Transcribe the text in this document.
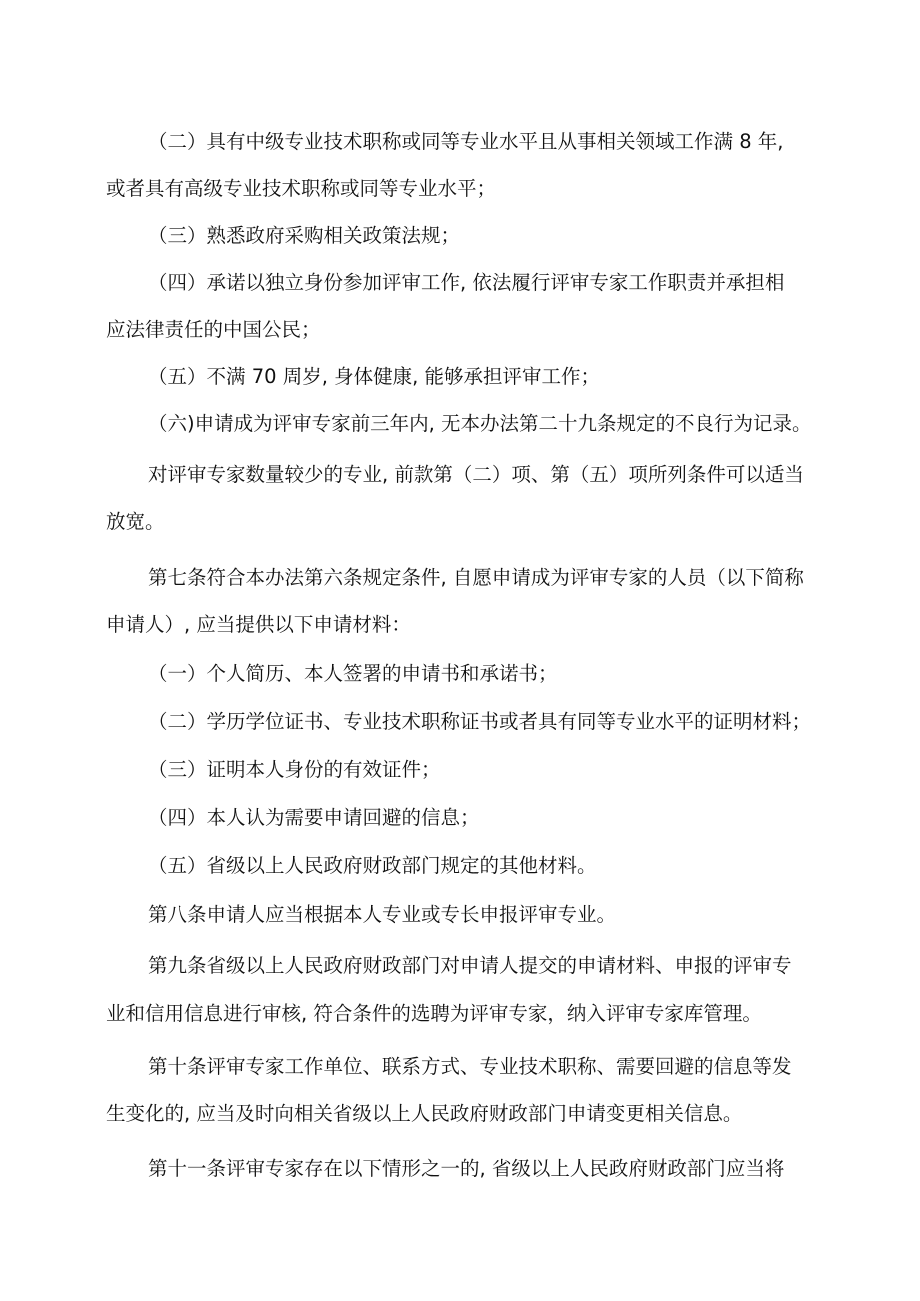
（二）具有中级专业技术职称或同等专业水平且从事相关领域工作满 8 年,
或者具有高级专业技术职称或同等专业水平；
（三）熟悉政府采购相关政策法规；
（四）承诺以独立身份参加评审工作, 依法履行评审专家工作职责并承担相
应法律责任的中国公民；
（五）不满 70 周岁, 身体健康, 能够承担评审工作；
（六)申请成为评审专家前三年内, 无本办法第二十九条规定的不良行为记录。
对评审专家数量较少的专业, 前款第（二）项、第（五）项所列条件可以适当
放宽。
第七条符合本办法第六条规定条件, 自愿申请成为评审专家的人员（以下简称
申请人）, 应当提供以下申请材料：
（一）个人简历、本人签署的申请书和承诺书；
（二）学历学位证书、专业技术职称证书或者具有同等专业水平的证明材料；
（三）证明本人身份的有效证件；
（四）本人认为需要申请回避的信息；
（五）省级以上人民政府财政部门规定的其他材料。
第八条申请人应当根据本人专业或专长申报评审专业。
第九条省级以上人民政府财政部门对申请人提交的申请材料、申报的评审专
业和信用信息进行审核, 符合条件的选聘为评审专家，纳入评审专家库管理。
第十条评审专家工作单位、联系方式、专业技术职称、需要回避的信息等发
生变化的, 应当及时向相关省级以上人民政府财政部门申请变更相关信息。
第十一条评审专家存在以下情形之一的, 省级以上人民政府财政部门应当将
